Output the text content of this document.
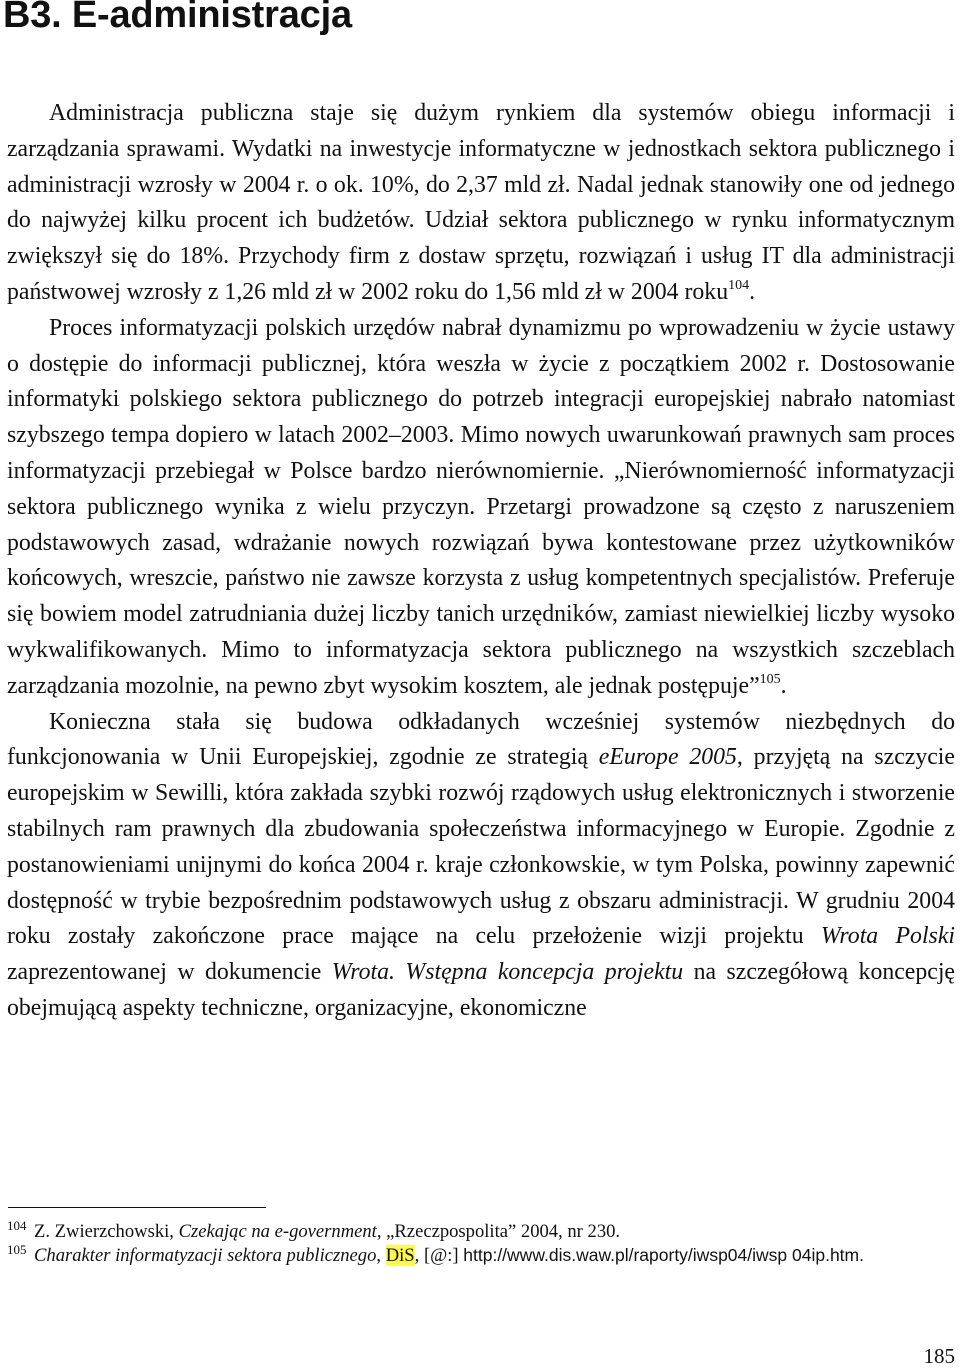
B3. E-administracja

Administracja publiczna staje się dużym rynkiem dla systemów obiegu informacji i zarządzania sprawami. Wydatki na inwestycje informatyczne w jednostkach sektora publicznego i administracji wzrosły w 2004 r. o ok. 10%, do 2,37 mld zł. Nadal jednak stanowiły one od jednego do najwyżej kilku procent ich budżetów. Udział sektora publicznego w rynku informatycznym zwiększył się do 18%. Przychody firm z dostaw sprzętu, rozwiązań i usług IT dla administracji państwowej wzrosły z 1,26 mld zł w 2002 roku do 1,56 mld zł w 2004 roku$^{104}$.

Proces informatyzacji polskich urzędów nabrał dynamizmu po wprowadzeniu w życie ustawy o dostępie do informacji publicznej, która weszła w życie z początkiem 2002 r. Dostosowanie informatyki polskiego sektora publicznego do potrzeb integracji europejskiej nabrało natomiast szybszego tempa dopiero w latach 2002–2003. Mimo nowych uwarunkowań prawnych sam proces informatyzacji przebiegał w Polsce bardzo nierównomiernie. „Nierównomierność informatyzacji sektora publicznego wynika z wielu przyczyn. Przetargi prowadzone są często z naruszeniem podstawowych zasad, wdrażanie nowych rozwiązań bywa kontestowane przez użytkowników końcowych, wreszcie, państwo nie zawsze korzysta z usług kompetentnych specjalistów. Preferuje się bowiem model zatrudniania dużej liczby tanich urzędników, zamiast niewielkiej liczby wysoko wykwalifikowanych. Mimo to informatyzacja sektora publicznego na wszystkich szczeblach zarządzania mozolnie, na pewno zbyt wysokim kosztem, ale jednak postępuje”$^{105}$.

Konieczna stała się budowa odkładanych wcześniej systemów niezbędnych do funkcjonowania w Unii Europejskiej, zgodnie ze strategią eEurope 2005, przyjętą na szczycie europejskim w Sewilli, która zakłada szybki rozwój rządowych usług elektronicznych i stworzenie stabilnych ram prawnych dla zbudowania społeczeństwa informacyjnego w Europie. Zgodnie z postanowieniami unijnymi do końca 2004 r. kraje członkowskie, w tym Polska, powinny zapewnić dostępność w trybie bezpośrednim podstawowych usług z obszaru administracji. W grudniu 2004 roku zostały zakończone prace mające na celu przełożenie wizji projektu Wrota Polski zaprezentowanej w dokumencie Wrota. Wstępna koncepcja projektu na szczegółową koncepcję obejmującą aspekty techniczne, organizacyjne, ekonomiczne

104 Z. Zwierzchowski, Czekając na e-government, „Rzeczpospolita” 2004, nr 230.

105 Charakter informatyzacji sektora publicznego, DiS, [@:] http://www.dis.waw.pl/raporty/iwsp04/iwsp 04ip.htm.

185
